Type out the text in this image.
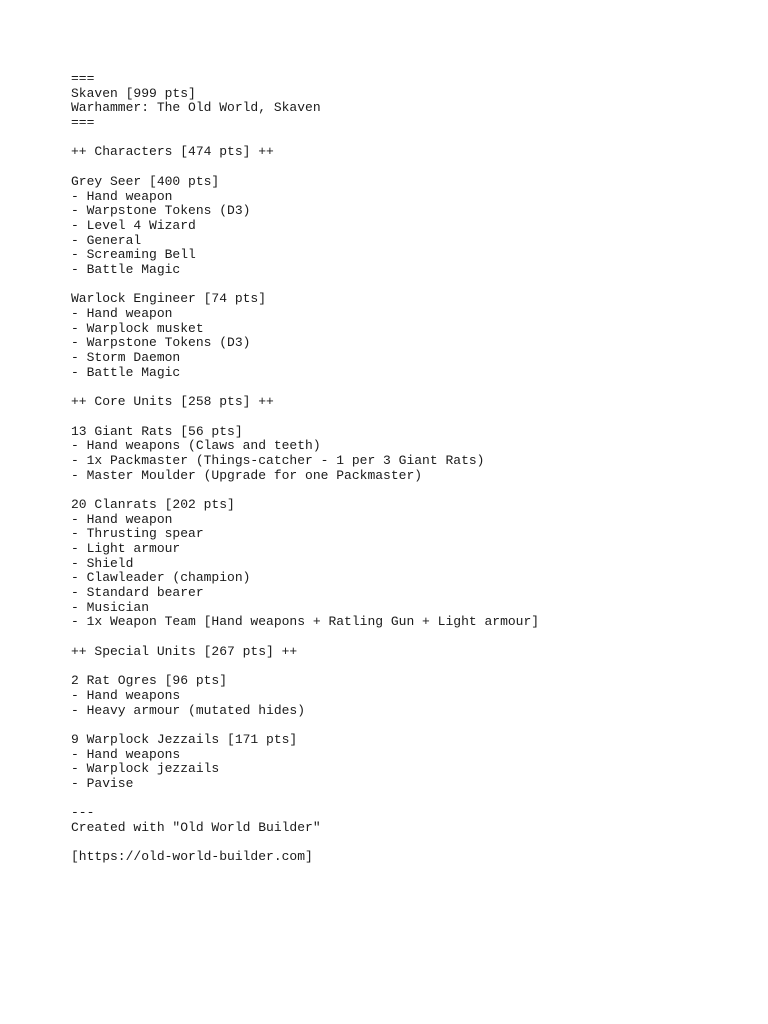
===
Skaven [999 pts]
Warhammer: The Old World, Skaven
===
++ Characters [474 pts] ++
Grey Seer [400 pts]
- Hand weapon
- Warpstone Tokens (D3)
- Level 4 Wizard
- General
- Screaming Bell
- Battle Magic
Warlock Engineer [74 pts]
- Hand weapon
- Warplock musket
- Warpstone Tokens (D3)
- Storm Daemon
- Battle Magic
++ Core Units [258 pts] ++
13 Giant Rats [56 pts]
- Hand weapons (Claws and teeth)
- 1x Packmaster (Things-catcher - 1 per 3 Giant Rats)
- Master Moulder (Upgrade for one Packmaster)
20 Clanrats [202 pts]
- Hand weapon
- Thrusting spear
- Light armour
- Shield
- Clawleader (champion)
- Standard bearer
- Musician
- 1x Weapon Team [Hand weapons + Ratling Gun + Light armour]
++ Special Units [267 pts] ++
2 Rat Ogres [96 pts]
- Hand weapons
- Heavy armour (mutated hides)
9 Warplock Jezzails [171 pts]
- Hand weapons
- Warplock jezzails
- Pavise
---
Created with "Old World Builder"
[https://old-world-builder.com]
